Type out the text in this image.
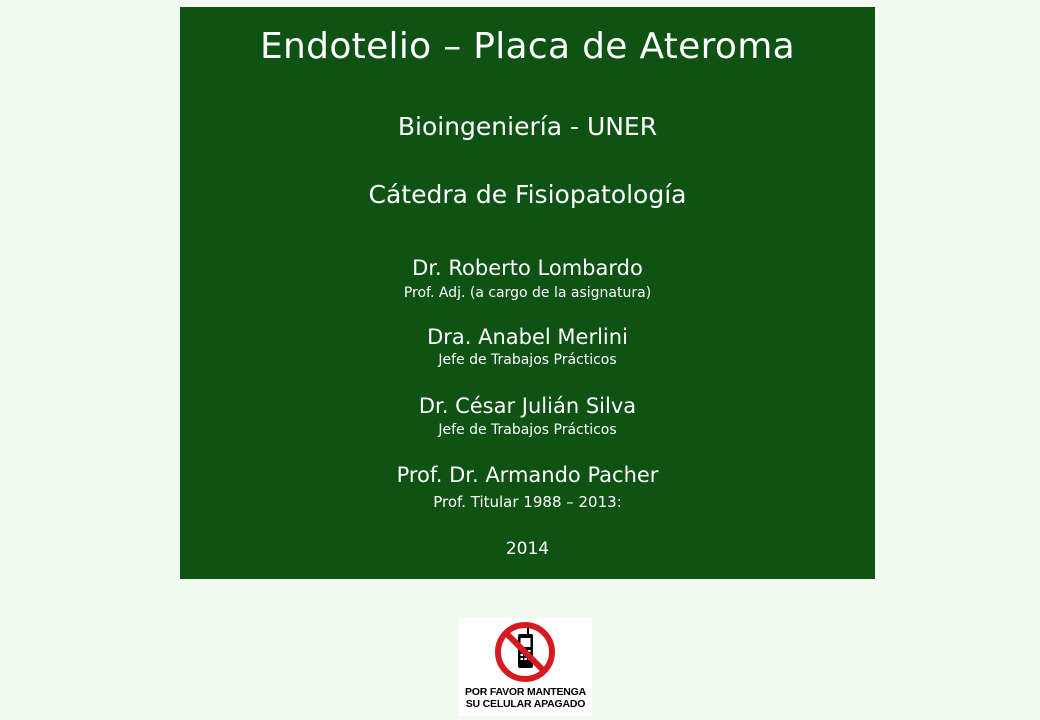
Endotelio – Placa de Ateroma
Bioingeniería - UNER
Cátedra de Fisiopatología
Dr. Roberto Lombardo
Prof. Adj. (a cargo de la asignatura)
Dra. Anabel Merlini
Jefe de Trabajos Prácticos
Dr. César Julián Silva
Jefe de Trabajos Prácticos
Prof. Dr. Armando Pacher
Prof. Titular 1988 – 2013:
2014
POR FAVOR MANTENGA
SU CELULAR APAGADO
